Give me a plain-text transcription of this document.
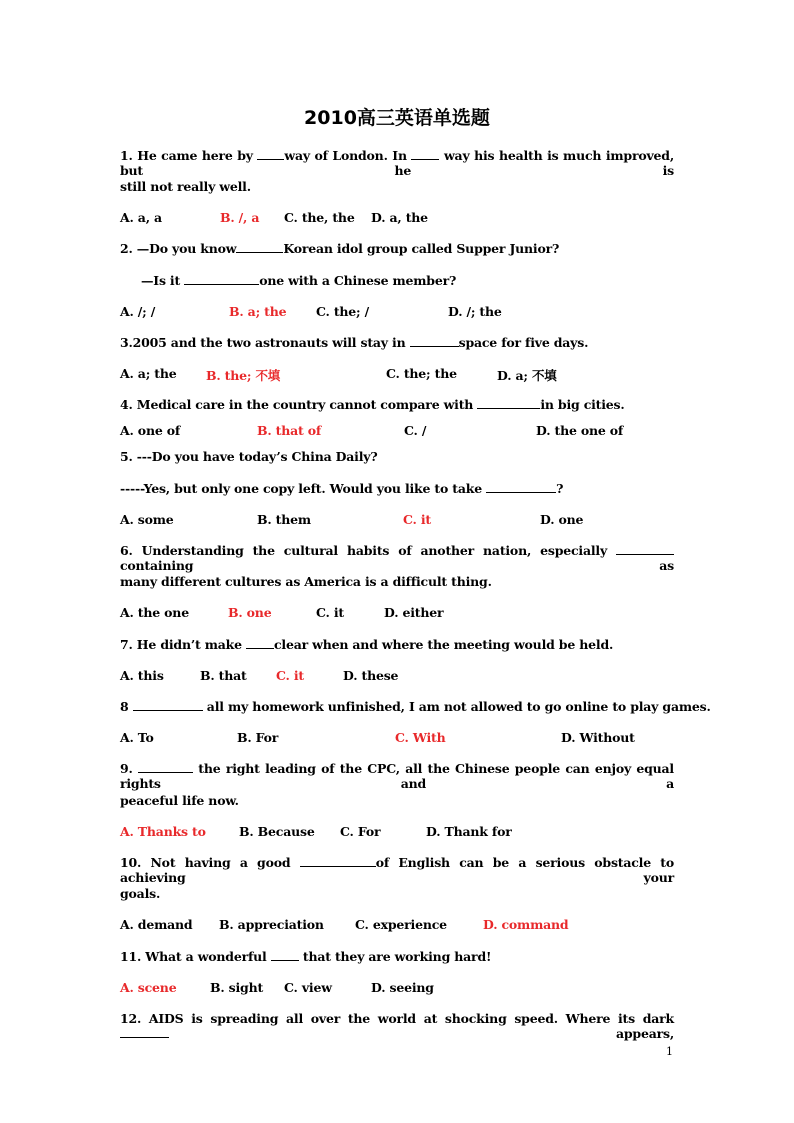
2010高三英语单选题
1. He came here by way of London. In  way his health is much improved, but he is
still not really well.
A. a, a	B. /, a C. the, the D. a, the
2. —Do you know	Korean idol group called Supper Junior?
—Is it	one with a Chinese member?
A. /; /	B. a; the C. the; /	D. /; the
3.2005 and the two astronauts will stay in	space for five days.
A. a; the B. the; 不填	C. the; the	D. a; 不填
4. Medical care in the country cannot compare with	in big cities.
A. one of	B. that of	C. /	D. the one of
5. ---Do you have today’s China Daily?
-----Yes, but only one copy left. Would you like to take	?
A. some	B. them	C. it	D. one
6. Understanding the cultural habits of another nation, especially  containing as
many different cultures as America is a difficult thing.
A. the one	B. one	C. it	D. either
7. He didn’t make clear when and where the meeting would be held.
A. this	B. that C. it	D. these
8	all my homework unfinished, I am not allowed to go online to play games.
A. To	B. For	C. With	D. Without
9.	the right leading of the CPC, all the Chinese people can enjoy equal rights and a
peaceful life now.
A. Thanks to	B. Because C. For	D. Thank for
10. Not having a good	of English can be a serious obstacle to achieving your
goals.
A. demand B. appreciation C. experience	D. command
11. What a wonderful  that they are working hard!
A. scene	B. sight C. view	D. seeing
12. AIDS is spreading all over the world at shocking speed. Where its dark  appears,
1
